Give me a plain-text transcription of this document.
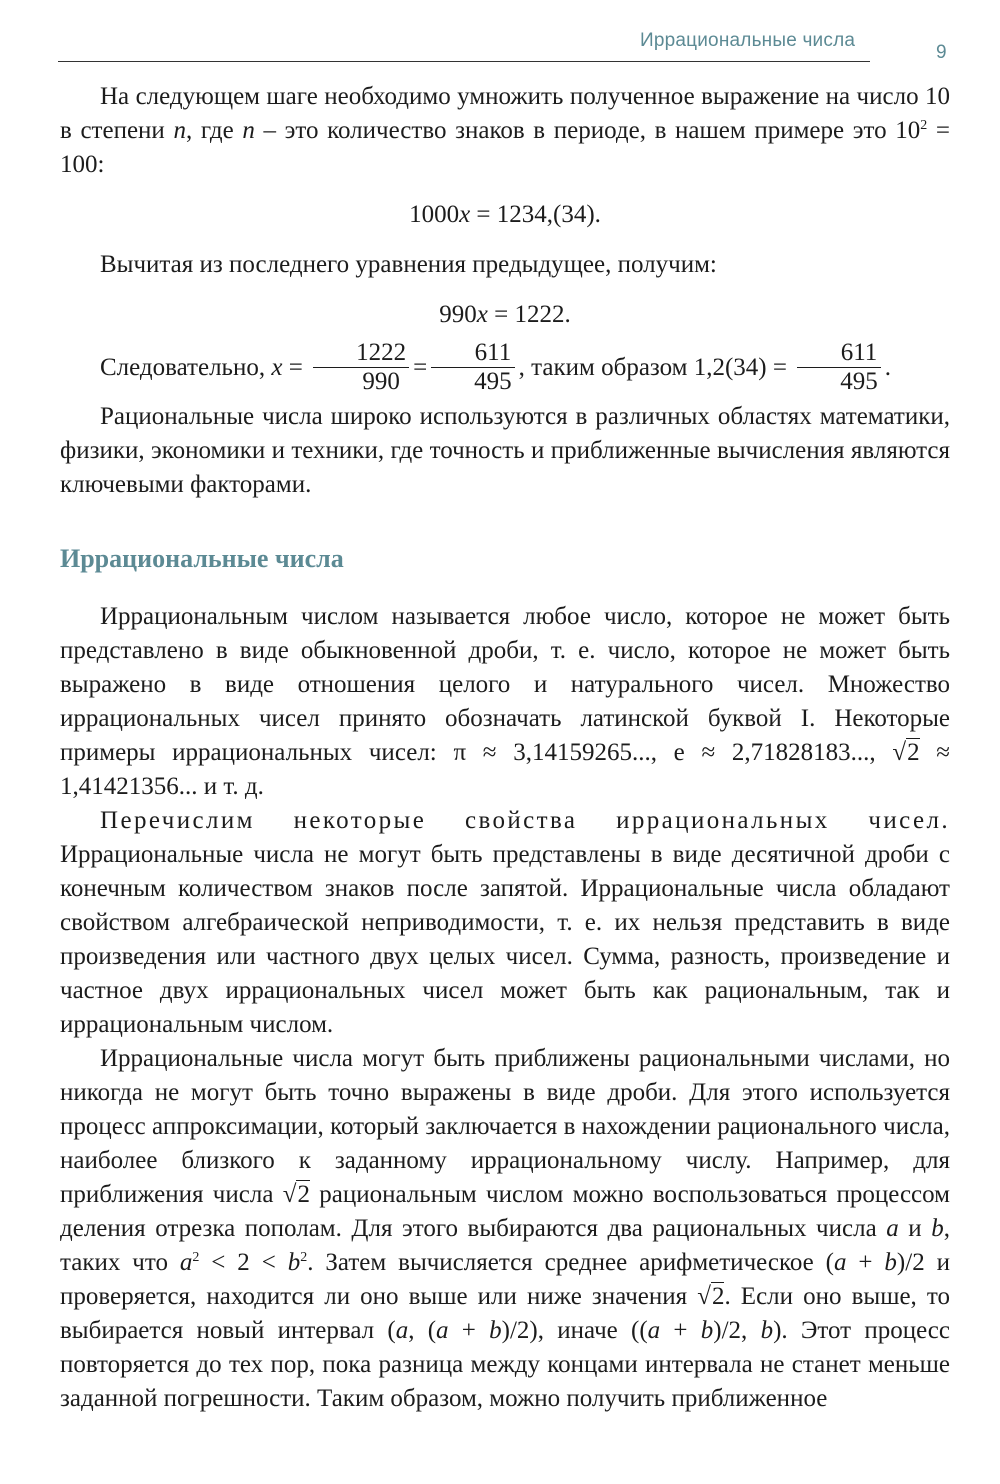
Иррациональные числа
9

На следующем шаге необходимо умножить полученное выражение на число 10 в степени n, где n – это количество знаков в периоде, в нашем примере это $10^2 = 100$:

1000x = 1234,(34).

Вычитая из последнего уравнения предыдущее, получим:

990x = 1222.

Следовательно, $x = \frac{1222}{990} = \frac{611}{495}$ , таким образом $1,2(34) = \frac{611}{495}$ .

Рациональные числа широко используются в различных областях математики, физики, экономики и техники, где точность и приближенные вычисления являются ключевыми факторами.

Иррациональные числа

Иррациональным числом называется любое число, которое не может быть представлено в виде обыкновенной дроби, т. е. число, которое не может быть выражено в виде отношения целого и натурального чисел. Множество иррациональных чисел принято обозначать латинской буквой I. Некоторые примеры иррациональных чисел: π ≈ 3,14159265..., e ≈ 2,71828183..., √2 ≈ 1,41421356... и т. д.

Перечислим некоторые свойства иррациональных чисел. Иррациональные числа не могут быть представлены в виде десятичной дроби с конечным количеством знаков после запятой. Иррациональные числа обладают свойством алгебраической неприводимости, т. е. их нельзя представить в виде произведения или частного двух целых чисел. Сумма, разность, произведение и частное двух иррациональных чисел может быть как рациональным, так и иррациональным числом.

Иррациональные числа могут быть приближены рациональными числами, но никогда не могут быть точно выражены в виде дроби. Для этого используется процесс аппроксимации, который заключается в нахождении рационального числа, наиболее близкого к заданному иррациональному числу. Например, для приближения числа √2 рациональным числом можно воспользоваться процессом деления отрезка пополам. Для этого выбираются два рациональных числа a и b, таких что $a^2 < 2 < b^2$. Затем вычисляется среднее арифметическое (a + b)/2 и проверяется, находится ли оно выше или ниже значения √2. Если оно выше, то выбирается новый интервал (a, (a + b)/2), иначе ((a + b)/2, b). Этот процесс повторяется до тех пор, пока разница между концами интервала не станет меньше заданной погрешности. Таким образом, можно получить приближенное
